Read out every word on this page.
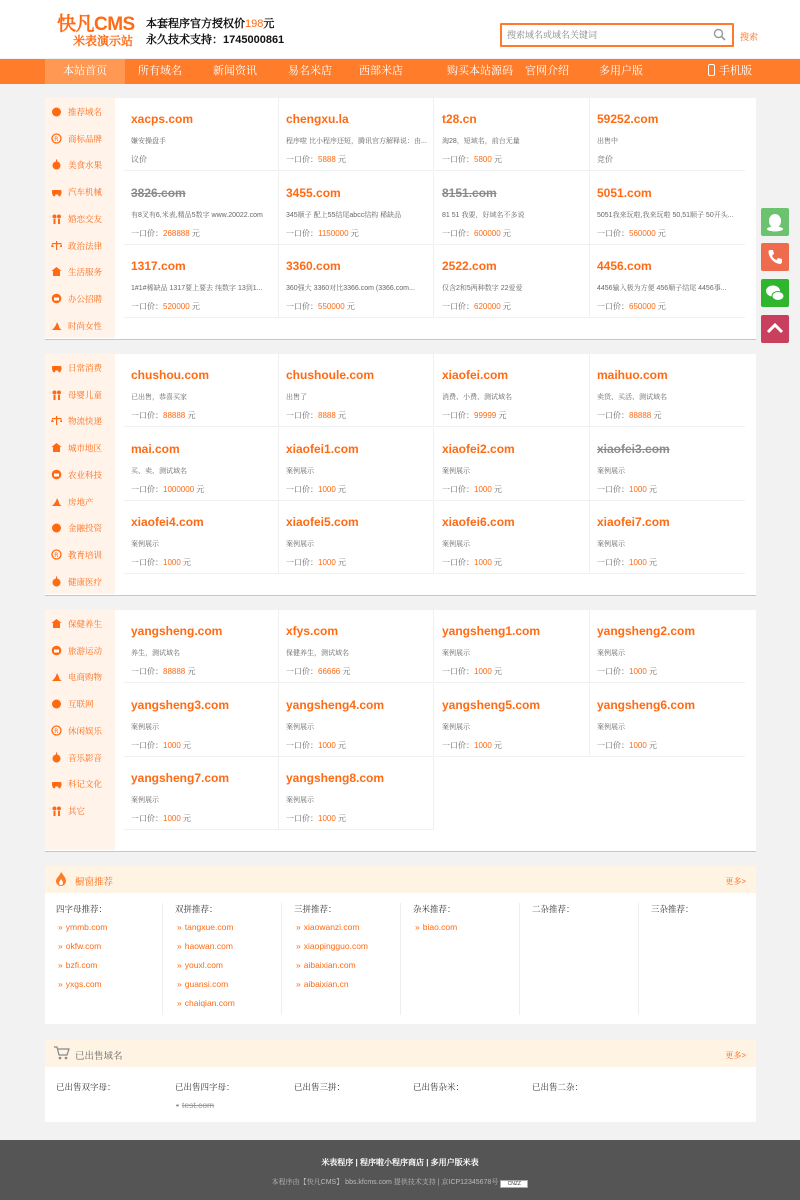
快凡CMS
米表演示站
本套程序官方授权价198元
永久技术支持：1745000861
搜索域名或域名关键词	搜索
本站首页	所有域名	新闻资讯	易名米店	西部米店	购买本站源码	官网介绍	多用户版	手机版
推荐域名
R 商标品牌
美食水果
汽车机械
婚恋交友
政治法律
生活服务
办公招聘
时尚女性
xacps.com
嫌安操盘手
议价
chengxu.la
程序啦 比小程序还短，腾讯官方解释说：由...
一口价：5888 元
t28.cn
淘28，短域名，前台无量
一口价：5800 元
59252.com
出售中
竞价
3826.com
有8叉有6,米表,精品5数字 www.20022.com
一口价：268888 元
3455.com
345顺子 配上55结尾abcc结构 稀缺品
一口价：1150000 元
8151.com
81 51 我要，好域名不多说
一口价：600000 元
5051.com
5051我来玩啦,我来玩啦 50,51顺子 50开头...
一口价：560000 元
1317.com
1#1#稀缺品 1317要上要去 纯数字 13到1...
一口价：520000 元
3360.com
360强大 3360对比3366.com (3366.com...
一口价：550000 元
2522.com
仅含2和5两种数字 22爱爱
一口价：620000 元
4456.com
4456输入极为方便 456顺子结尾 4456事...
一口价：650000 元
日常消费
母婴儿童
物流快递
城市地区
农业科技
房地产
金融投资
R 教育培训
健康医疗
chushou.com
已出售，恭喜买家
一口价：88888 元
chushoule.com
出售了
一口价：8888 元
xiaofei.com
消费、小费、测试域名
一口价：99999 元
maihuo.com
卖货、买活、测试域名
一口价：88888 元
mai.com
买、卖、测试域名
一口价：1000000 元
xiaofei1.com
案例展示
一口价：1000 元
xiaofei2.com
案例展示
一口价：1000 元
xiaofei3.com
案例展示
一口价：1000 元
xiaofei4.com
案例展示
一口价：1000 元
xiaofei5.com
案例展示
一口价：1000 元
xiaofei6.com
案例展示
一口价：1000 元
xiaofei7.com
案例展示
一口价：1000 元
保健养生
旅游运动
电商购物
互联网
R 休闲娱乐
音乐影音
科记文化
其它
yangsheng.com
养生，测试域名
一口价：88888 元
xfys.com
保健养生，测试域名
一口价：66666 元
yangsheng1.com
案例展示
一口价：1000 元
yangsheng2.com
案例展示
一口价：1000 元
yangsheng3.com
案例展示
一口价：1000 元
yangsheng4.com
案例展示
一口价：1000 元
yangsheng5.com
案例展示
一口价：1000 元
yangsheng6.com
案例展示
一口价：1000 元
yangsheng7.com
案例展示
一口价：1000 元
yangsheng8.com
案例展示
一口价：1000 元
橱窗推荐	更多>
四字母推荐：
» ymmb.com
» okfw.com
» bzfi.com
» yxgs.com
双拼推荐：
» tangxue.com
» haowan.com
» youxl.com
» guansi.com
» chaiqian.com
三拼推荐：
» xiaowanzi.com
» xiaopingguo.com
» aibaixian.com
» aibaixian.cn
杂米推荐：
» biao.com
二杂推荐：	三杂推荐：
已出售域名	更多>
已出售双字母：	已出售四字母：
▪ test.com
已出售三拼：	已出售杂米：	已出售二杂：
米表程序 | 程序啦小程序商店 | 多用户版米表
本程序由【快凡CMS】 bbs.kfcms.com 提供技术支持 | 京ICP12345678号 CNZZ
